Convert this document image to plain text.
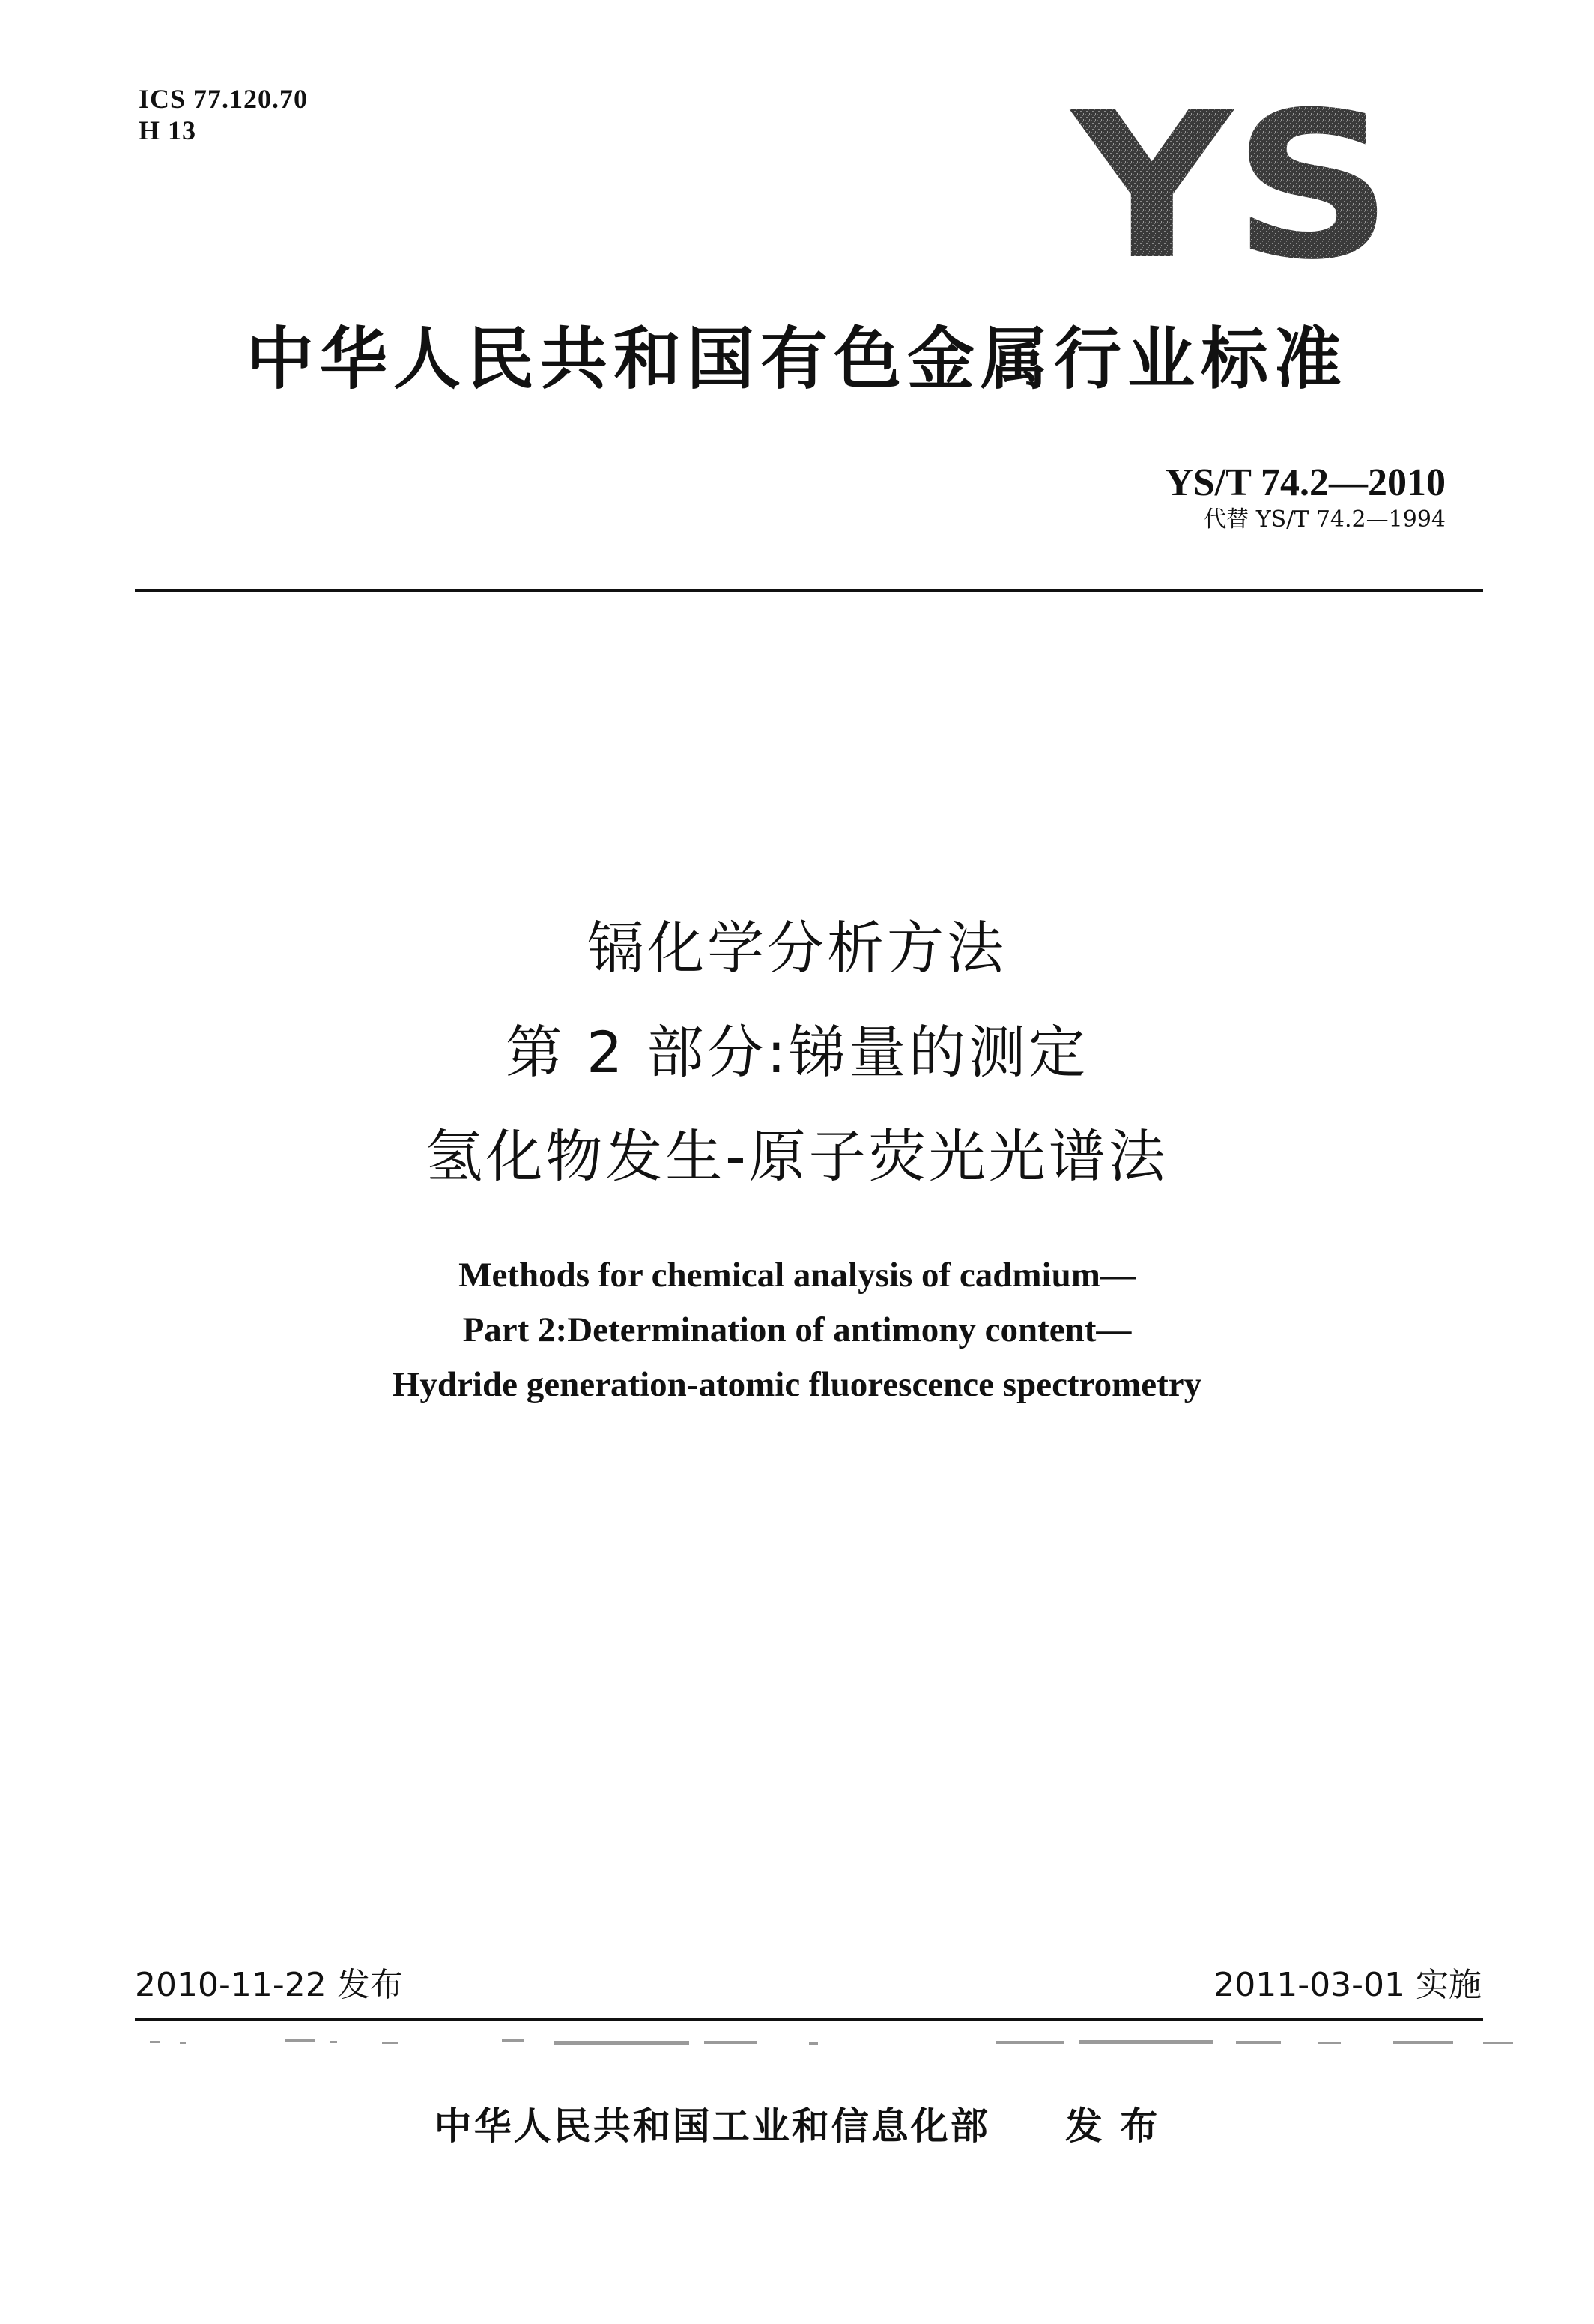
ICS 77.120.70
H 13	YS
中华人民共和国有色金属行业标准
YS/T 74.2—2010
代替 YS/T 74.2—1994
镉化学分析方法
第 2 部分:锑量的测定
氢化物发生-原子荧光光谱法
Methods for chemical analysis of cadmium—
Part 2:Determination of antimony content—
Hydride generation-atomic fluorescence spectrometry
2010-11-22 发布	2011-03-01 实施
中华人民共和国工业和信息化部 发 布
